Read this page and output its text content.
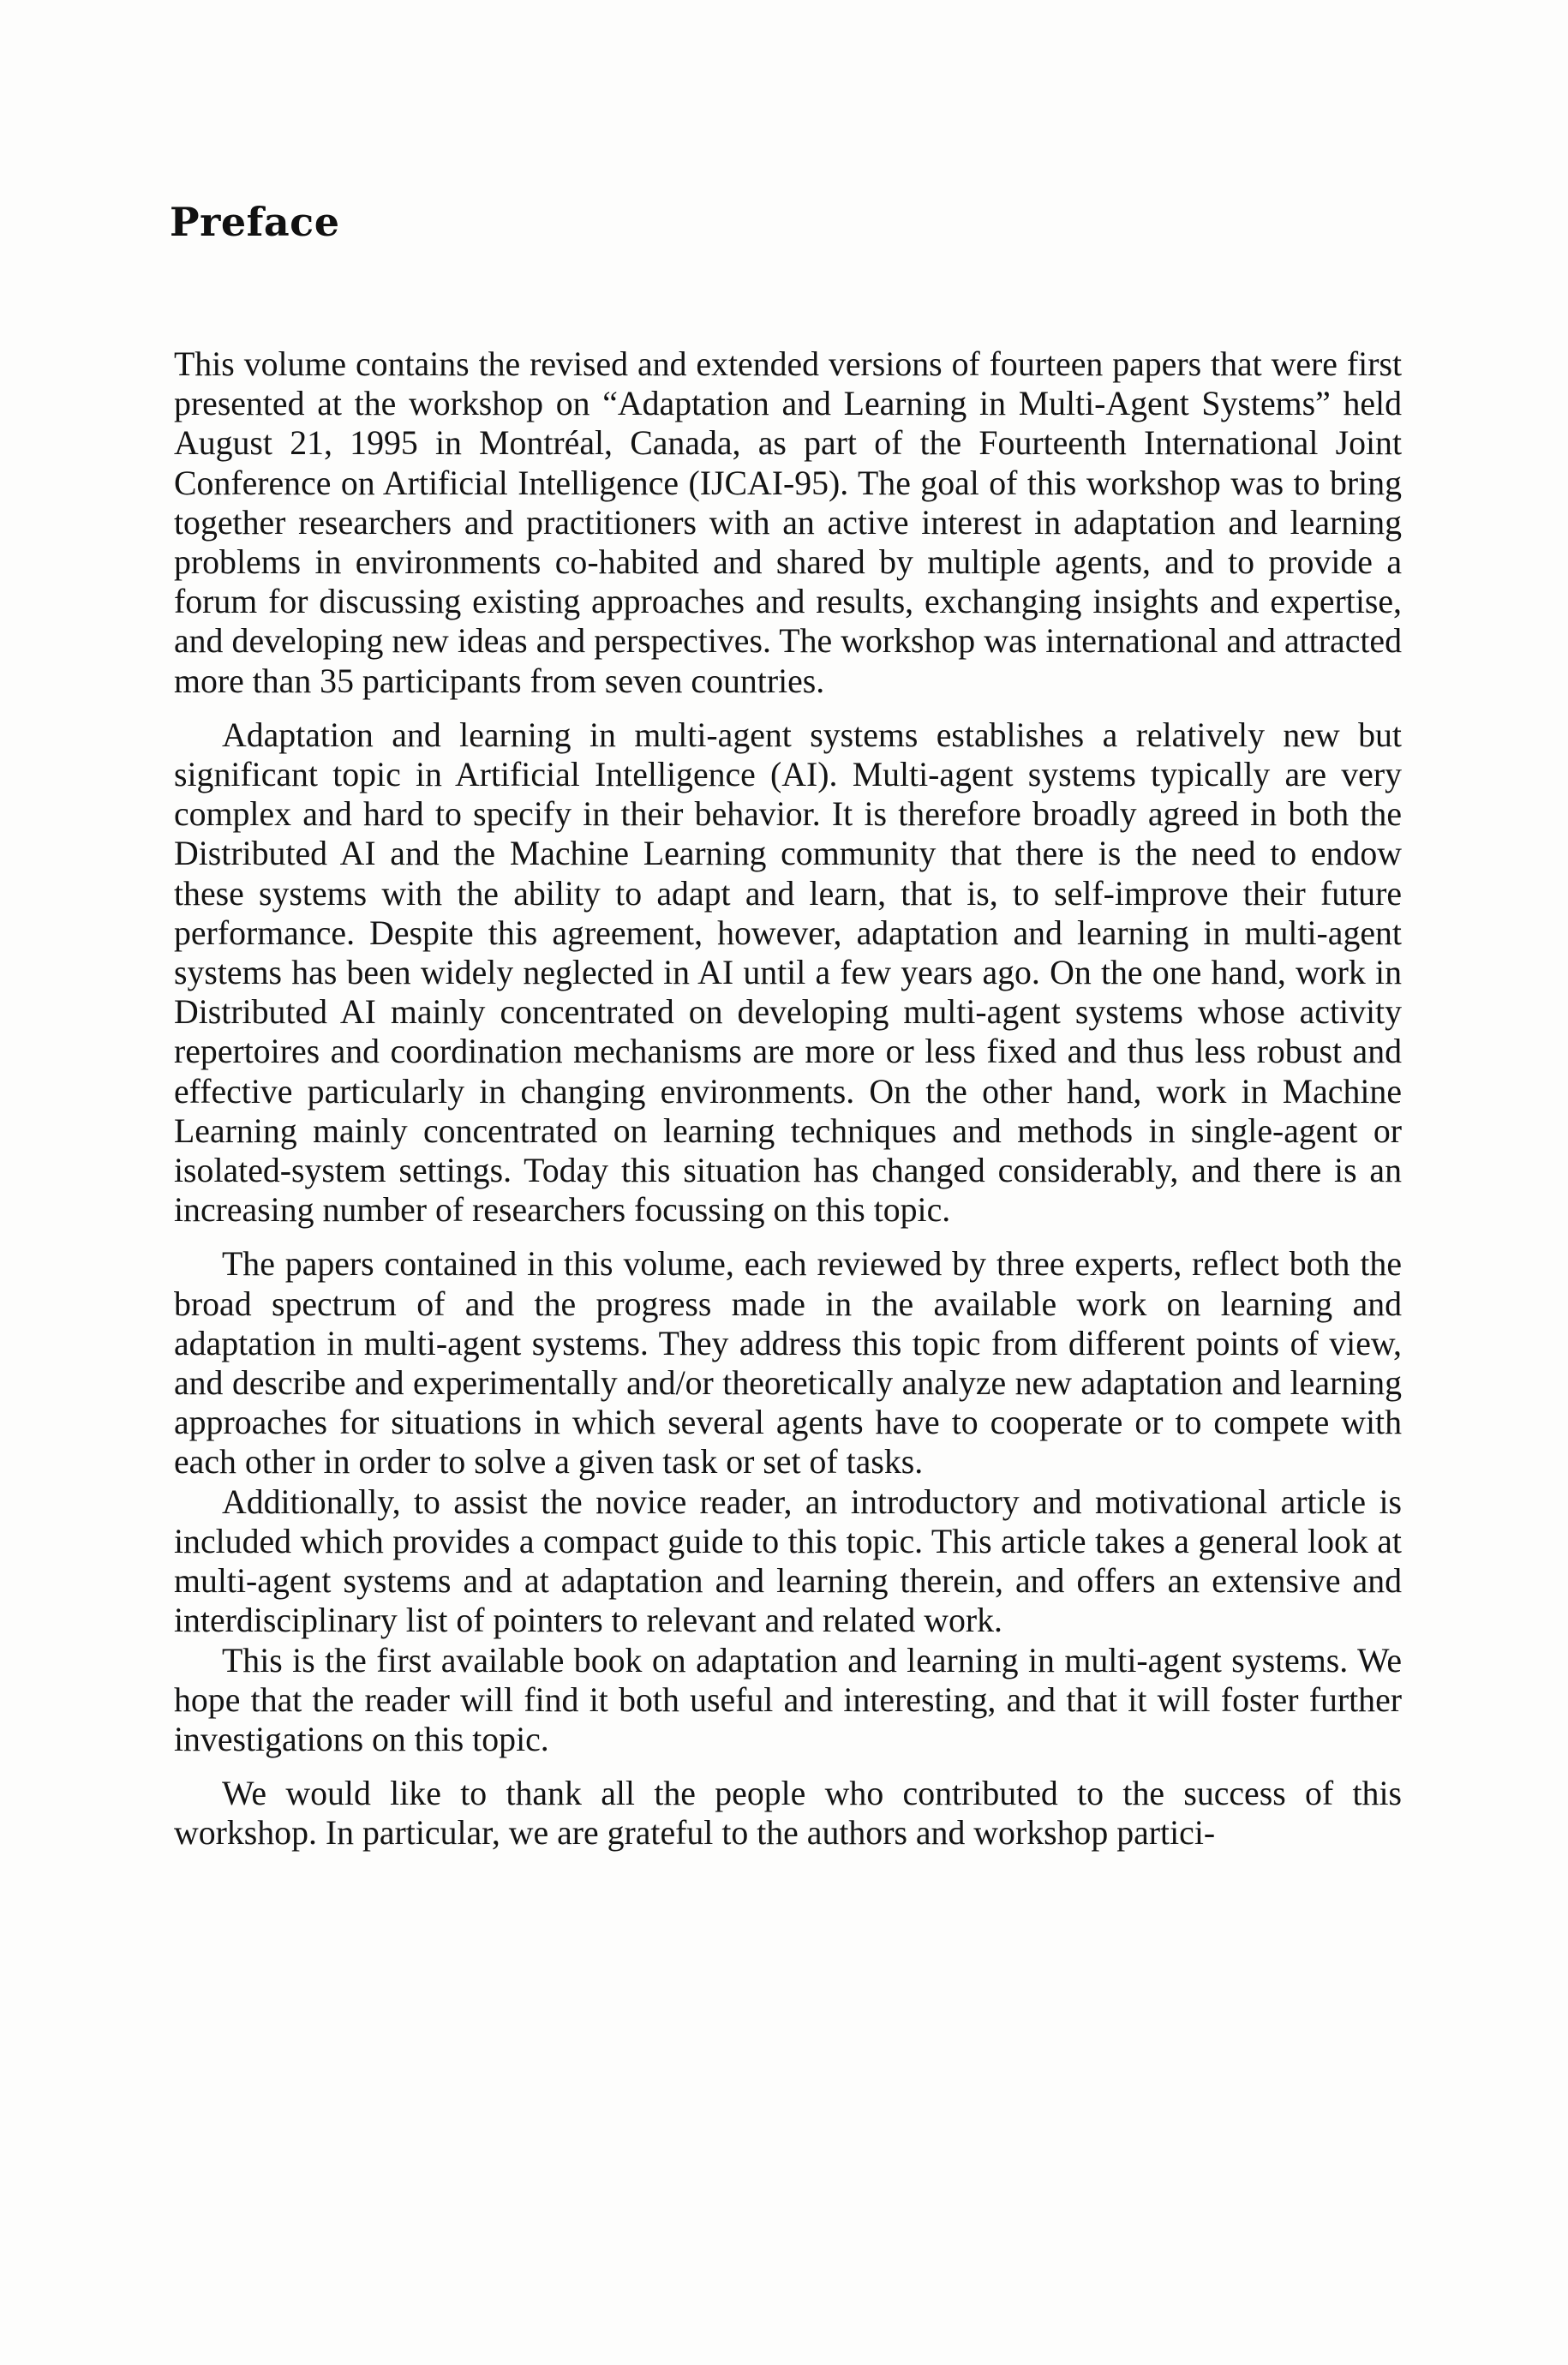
Preface

This volume contains the revised and extended versions of fourteen papers that were first presented at the workshop on “Adaptation and Learning in Multi-Agent Systems” held August 21, 1995 in Montréal, Canada, as part of the Fourteenth International Joint Conference on Artificial Intelligence (IJCAI-95). The goal of this workshop was to bring together researchers and practitioners with an active interest in adaptation and learning problems in environments co-habited and shared by multiple agents, and to provide a forum for discussing existing approaches and results, exchanging insights and expertise, and developing new ideas and perspectives. The workshop was international and attracted more than 35 participants from seven countries.

Adaptation and learning in multi-agent systems establishes a relatively new but significant topic in Artificial Intelligence (AI). Multi-agent systems typically are very complex and hard to specify in their behavior. It is therefore broadly agreed in both the Distributed AI and the Machine Learning community that there is the need to endow these systems with the ability to adapt and learn, that is, to self-improve their future performance. Despite this agreement, however, adaptation and learning in multi-agent systems has been widely neglected in AI until a few years ago. On the one hand, work in Distributed AI mainly concentrated on developing multi-agent systems whose activity repertoires and coordination mechanisms are more or less fixed and thus less robust and effective particularly in changing environments. On the other hand, work in Machine Learning mainly concentrated on learning techniques and methods in single-agent or isolated-system settings. Today this situation has changed considerably, and there is an increasing number of researchers focussing on this topic.

The papers contained in this volume, each reviewed by three experts, reflect both the broad spectrum of and the progress made in the available work on learning and adaptation in multi-agent systems. They address this topic from different points of view, and describe and experimentally and/or theoretically analyze new adaptation and learning approaches for situations in which several agents have to cooperate or to compete with each other in order to solve a given task or set of tasks.

Additionally, to assist the novice reader, an introductory and motivational article is included which provides a compact guide to this topic. This article takes a general look at multi-agent systems and at adaptation and learning therein, and offers an extensive and interdisciplinary list of pointers to relevant and related work.

This is the first available book on adaptation and learning in multi-agent systems. We hope that the reader will find it both useful and interesting, and that it will foster further investigations on this topic.

We would like to thank all the people who contributed to the success of this workshop. In particular, we are grateful to the authors and workshop partici-
